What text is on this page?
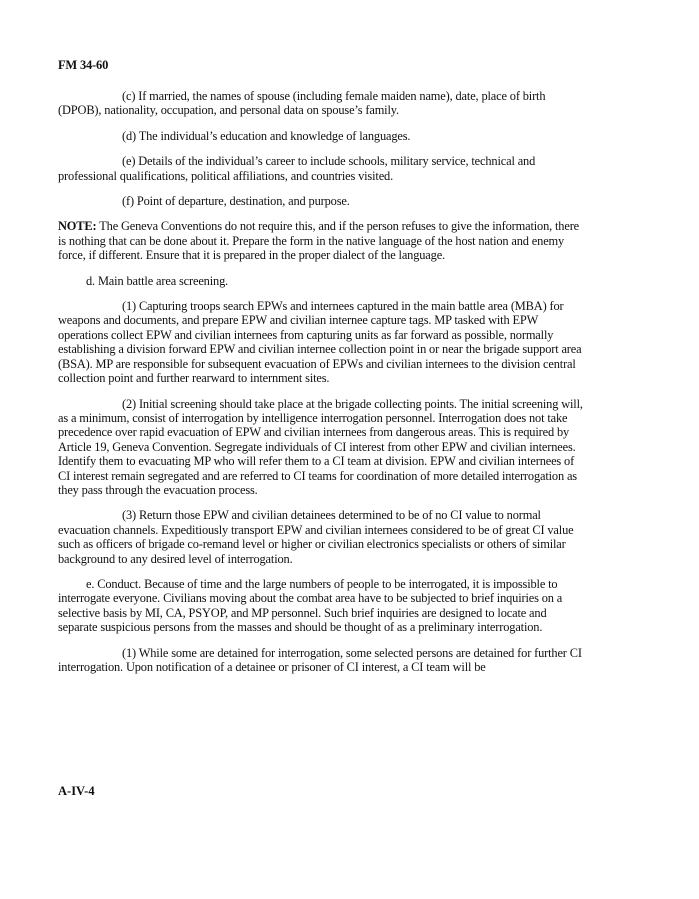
FM 34-60

(c) If married, the names of spouse (including female maiden name), date, place of birth (DPOB), nationality, occupation, and personal data on spouse’s family.

(d) The individual’s education and knowledge of languages.

(e) Details of the individual’s career to include schools, military service, technical and professional qualifications, political affiliations, and countries visited.

(f) Point of departure, destination, and purpose.

NOTE: The Geneva Conventions do not require this, and if the person refuses to give the information, there is nothing that can be done about it. Prepare the form in the native language of the host nation and enemy force, if different. Ensure that it is prepared in the proper dialect of the language.

d. Main battle area screening.

(1) Capturing troops search EPWs and internees captured in the main battle area (MBA) for weapons and documents, and prepare EPW and civilian internee capture tags. MP tasked with EPW operations collect EPW and civilian internees from capturing units as far forward as possible, normally establishing a division forward EPW and civilian internee collection point in or near the brigade support area (BSA). MP are responsible for subsequent evacuation of EPWs and civilian internees to the division central collection point and further rearward to internment sites.

(2) Initial screening should take place at the brigade collecting points. The initial screening will, as a minimum, consist of interrogation by intelligence interrogation personnel. Interrogation does not take precedence over rapid evacuation of EPW and civilian internees from dangerous areas. This is required by Article 19, Geneva Convention. Segregate individuals of CI interest from other EPW and civilian internees. Identify them to evacuating MP who will refer them to a CI team at division. EPW and civilian internees of CI interest remain segregated and are referred to CI teams for coordination of more detailed interrogation as they pass through the evacuation process.

(3) Return those EPW and civilian detainees determined to be of no CI value to normal evacuation channels. Expeditiously transport EPW and civilian internees considered to be of great CI value such as officers of brigade co-remand level or higher or civilian electronics specialists or others of similar background to any desired level of interrogation.

e. Conduct. Because of time and the large numbers of people to be interrogated, it is impossible to interrogate everyone. Civilians moving about the combat area have to be subjected to brief inquiries on a selective basis by MI, CA, PSYOP, and MP personnel. Such brief inquiries are designed to locate and separate suspicious persons from the masses and should be thought of as a preliminary interrogation.

(1) While some are detained for interrogation, some selected persons are detained for further CI interrogation. Upon notification of a detainee or prisoner of CI interest, a CI team will be

A-IV-4
